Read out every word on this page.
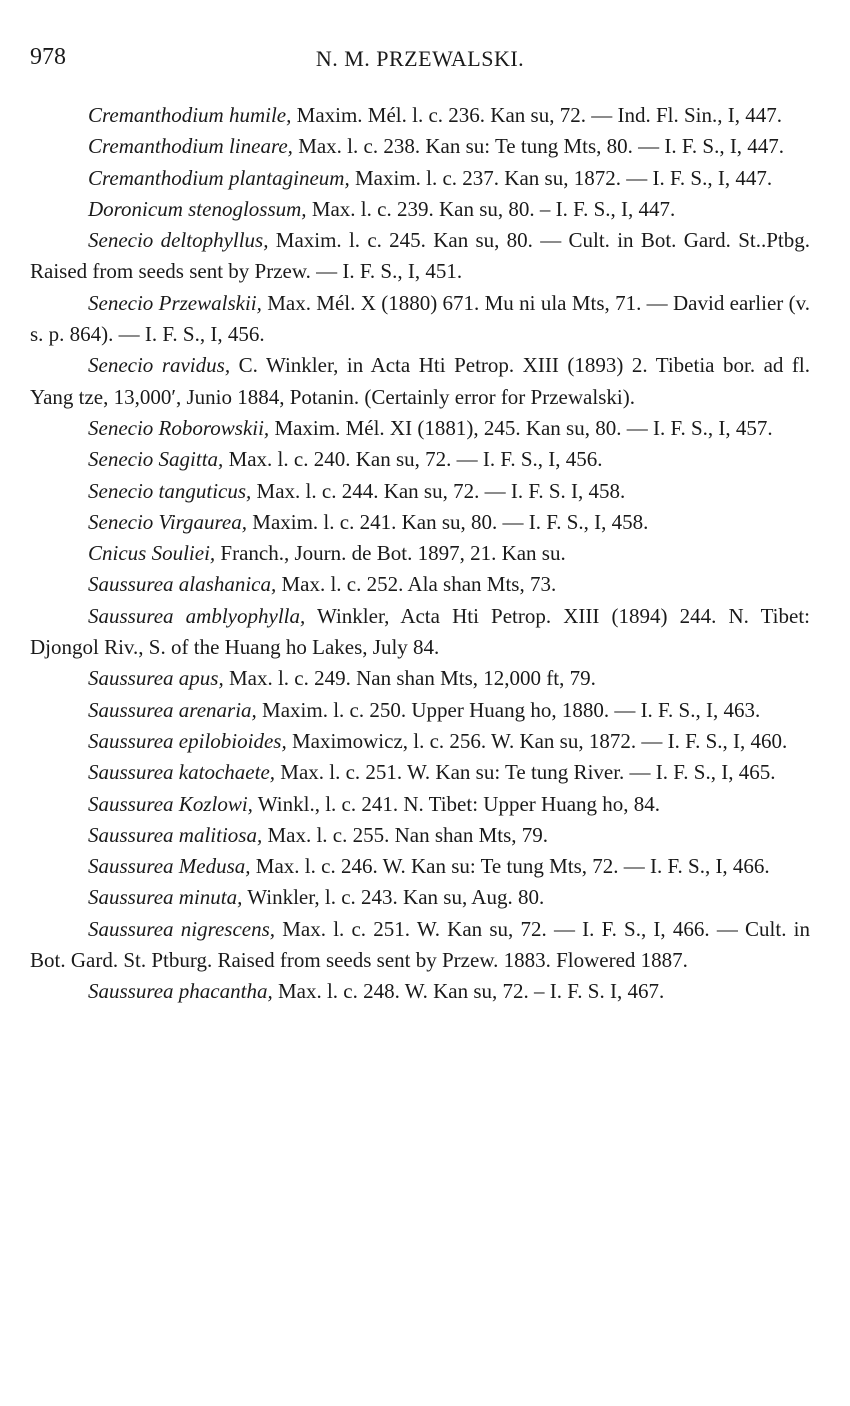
978	N. M. PRZEWALSKI.

Cremanthodium humile, Maxim. Mél. l. c. 236. Kan su, 72. — Ind. Fl. Sin., I, 447.

Cremanthodium lineare, Max. l. c. 238. Kan su: Te tung Mts, 80. — I. F. S., I, 447.

Cremanthodium plantagineum, Maxim. l. c. 237. Kan su, 1872. — I. F. S., I, 447.

Doronicum stenoglossum, Max. l. c. 239. Kan su, 80. – I. F. S., I, 447.

Senecio deltophyllus, Maxim. l. c. 245. Kan su, 80. — Cult. in Bot. Gard. St..Ptbg. Raised from seeds sent by Przew. — I. F. S., I, 451.

Senecio Przewalskii, Max. Mél. X (1880) 671. Mu ni ula Mts, 71. — David earlier (v. s. p. 864). — I. F. S., I, 456.

Senecio ravidus, C. Winkler, in Acta Hti Petrop. XIII (1893) 2. Tibetia bor. ad fl. Yang tze, 13,000′, Junio 1884, Potanin. (Certainly error for Przewalski).

Senecio Roborowskii, Maxim. Mél. XI (1881), 245. Kan su, 80. — I. F. S., I, 457.

Senecio Sagitta, Max. l. c. 240. Kan su, 72. — I. F. S., I, 456.

Senecio tanguticus, Max. l. c. 244. Kan su, 72. — I. F. S. I, 458.

Senecio Virgaurea, Maxim. l. c. 241. Kan su, 80. — I. F. S., I, 458.

Cnicus Souliei, Franch., Journ. de Bot. 1897, 21. Kan su.

Saussurea alashanica, Max. l. c. 252. Ala shan Mts, 73.

Saussurea amblyophylla, Winkler, Acta Hti Petrop. XIII (1894) 244. N. Tibet: Djongol Riv., S. of the Huang ho Lakes, July 84.

Saussurea apus, Max. l. c. 249. Nan shan Mts, 12,000 ft, 79.

Saussurea arenaria, Maxim. l. c. 250. Upper Huang ho, 1880. — I. F. S., I, 463.

Saussurea epilobioides, Maximowicz, l. c. 256. W. Kan su, 1872. — I. F. S., I, 460.

Saussurea katochaete, Max. l. c. 251. W. Kan su: Te tung River. — I. F. S., I, 465.

Saussurea Kozlowi, Winkl., l. c. 241. N. Tibet: Upper Huang ho, 84.

Saussurea malitiosa, Max. l. c. 255. Nan shan Mts, 79.

Saussurea Medusa, Max. l. c. 246. W. Kan su: Te tung Mts, 72. — I. F. S., I, 466.

Saussurea minuta, Winkler, l. c. 243. Kan su, Aug. 80.

Saussurea nigrescens, Max. l. c. 251. W. Kan su, 72. — I. F. S., I, 466. — Cult. in Bot. Gard. St. Ptburg. Raised from seeds sent by Przew. 1883. Flowered 1887.

Saussurea phacantha, Max. l. c. 248. W. Kan su, 72. – I. F. S. I, 467.
